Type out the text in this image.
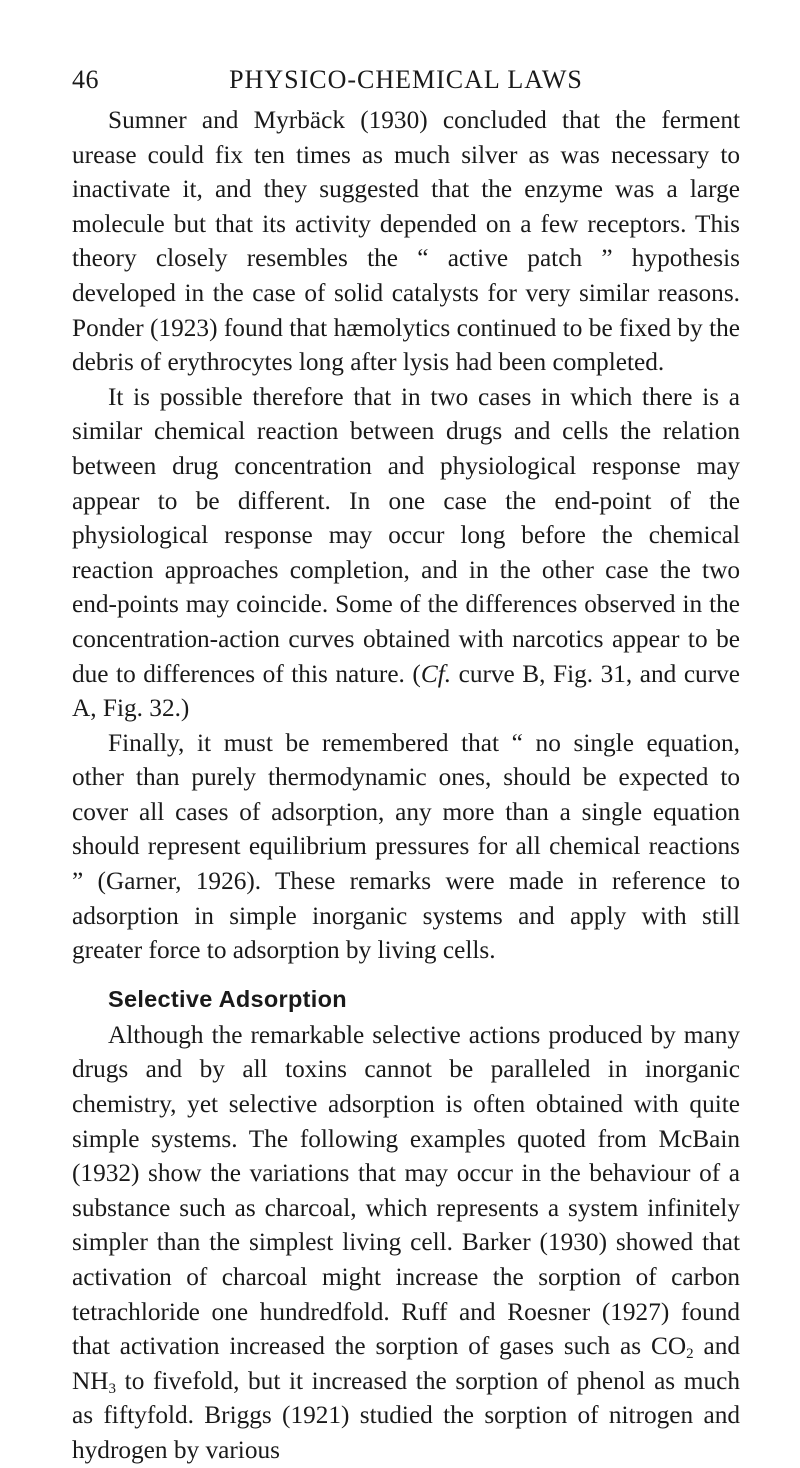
46	PHYSICO-CHEMICAL LAWS

Sumner and Myrbäck (1930) concluded that the ferment urease could fix ten times as much silver as was necessary to inactivate it, and they suggested that the enzyme was a large molecule but that its activity depended on a few receptors. This theory closely resembles the “ active patch ” hypothesis developed in the case of solid catalysts for very similar reasons. Ponder (1923) found that hæmolytics continued to be fixed by the debris of erythrocytes long after lysis had been completed.

It is possible therefore that in two cases in which there is a similar chemical reaction between drugs and cells the relation between drug concentration and physiological response may appear to be different. In one case the end-point of the physiological response may occur long before the chemical reaction approaches completion, and in the other case the two end-points may coincide. Some of the differences observed in the concentration-action curves obtained with narcotics appear to be due to differences of this nature. (Cf. curve B, Fig. 31, and curve A, Fig. 32.)

Finally, it must be remembered that “ no single equation, other than purely thermodynamic ones, should be expected to cover all cases of adsorption, any more than a single equation should represent equilibrium pressures for all chemical reactions ” (Garner, 1926). These remarks were made in reference to adsorption in simple inorganic systems and apply with still greater force to adsorption by living cells.

Selective Adsorption

Although the remarkable selective actions produced by many drugs and by all toxins cannot be paralleled in inorganic chemistry, yet selective adsorption is often obtained with quite simple systems. The following examples quoted from McBain (1932) show the variations that may occur in the behaviour of a substance such as charcoal, which represents a system infinitely simpler than the simplest living cell. Barker (1930) showed that activation of charcoal might increase the sorption of carbon tetrachloride one hundredfold. Ruff and Roesner (1927) found that activation increased the sorption of gases such as $CO_2$ and $NH_3$ to fivefold, but it increased the sorption of phenol as much as fiftyfold. Briggs (1921) studied the sorption of nitrogen and hydrogen by various
